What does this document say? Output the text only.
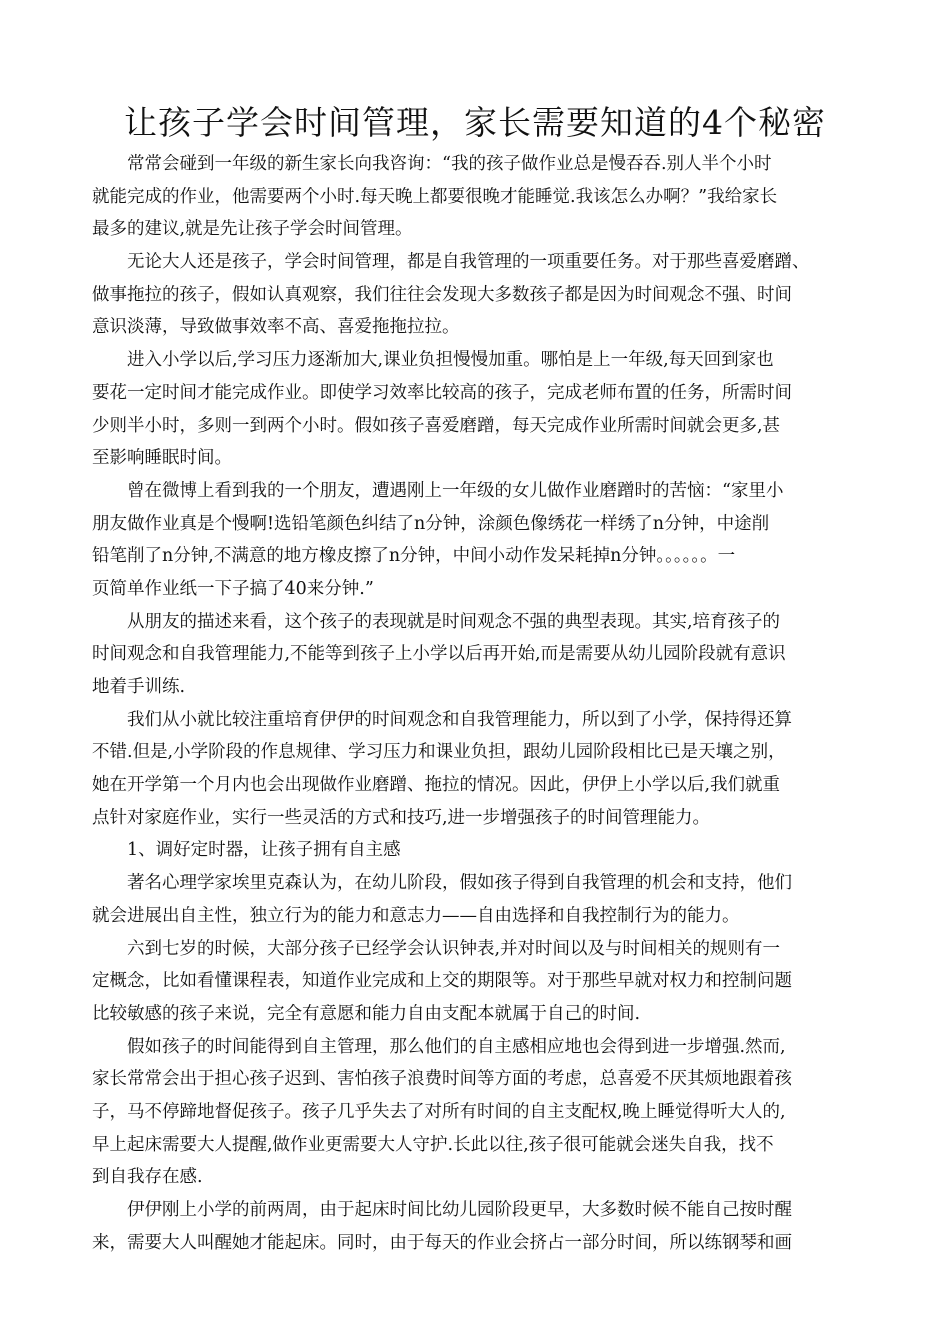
让孩子学会时间管理，家长需要知道的4个秘密
常常会碰到一年级的新生家长向我咨询：“我的孩子做作业总是慢吞吞.别人半个小时
就能完成的作业，他需要两个小时.每天晚上都要很晚才能睡觉.我该怎么办啊？”我给家长
最多的建议,就是先让孩子学会时间管理。
无论大人还是孩子，学会时间管理，都是自我管理的一项重要任务。对于那些喜爱磨蹭、
做事拖拉的孩子，假如认真观察，我们往往会发现大多数孩子都是因为时间观念不强、时间
意识淡薄，导致做事效率不高、喜爱拖拖拉拉。
进入小学以后,学习压力逐渐加大,课业负担慢慢加重。哪怕是上一年级,每天回到家也
要花一定时间才能完成作业。即使学习效率比较高的孩子，完成老师布置的任务，所需时间
少则半小时，多则一到两个小时。假如孩子喜爱磨蹭，每天完成作业所需时间就会更多,甚
至影响睡眠时间。
曾在微博上看到我的一个朋友，遭遇刚上一年级的女儿做作业磨蹭时的苦恼：“家里小
朋友做作业真是个慢啊!选铅笔颜色纠结了n分钟，涂颜色像绣花一样绣了n分钟，中途削
铅笔削了n分钟,不满意的地方橡皮擦了n分钟，中间小动作发呆耗掉n分钟。。。。。。一
页简单作业纸一下子搞了40来分钟.”
从朋友的描述来看，这个孩子的表现就是时间观念不强的典型表现。其实,培育孩子的
时间观念和自我管理能力,不能等到孩子上小学以后再开始,而是需要从幼儿园阶段就有意识
地着手训练.
我们从小就比较注重培育伊伊的时间观念和自我管理能力，所以到了小学，保持得还算
不错.但是,小学阶段的作息规律、学习压力和课业负担，跟幼儿园阶段相比已是天壤之别，
她在开学第一个月内也会出现做作业磨蹭、拖拉的情况。因此，伊伊上小学以后,我们就重
点针对家庭作业，实行一些灵活的方式和技巧,进一步增强孩子的时间管理能力。
1、调好定时器，让孩子拥有自主感
著名心理学家埃里克森认为，在幼儿阶段，假如孩子得到自我管理的机会和支持，他们
就会进展出自主性，独立行为的能力和意志力——自由选择和自我控制行为的能力。
六到七岁的时候，大部分孩子已经学会认识钟表,并对时间以及与时间相关的规则有一
定概念，比如看懂课程表，知道作业完成和上交的期限等。对于那些早就对权力和控制问题
比较敏感的孩子来说，完全有意愿和能力自由支配本就属于自己的时间.
假如孩子的时间能得到自主管理，那么他们的自主感相应地也会得到进一步增强.然而,
家长常常会出于担心孩子迟到、害怕孩子浪费时间等方面的考虑，总喜爱不厌其烦地跟着孩
子，马不停蹄地督促孩子。孩子几乎失去了对所有时间的自主支配权,晚上睡觉得听大人的,
早上起床需要大人提醒,做作业更需要大人守护.长此以往,孩子很可能就会迷失自我，找不
到自我存在感.
伊伊刚上小学的前两周，由于起床时间比幼儿园阶段更早，大多数时候不能自己按时醒
来，需要大人叫醒她才能起床。同时，由于每天的作业会挤占一部分时间，所以练钢琴和画
